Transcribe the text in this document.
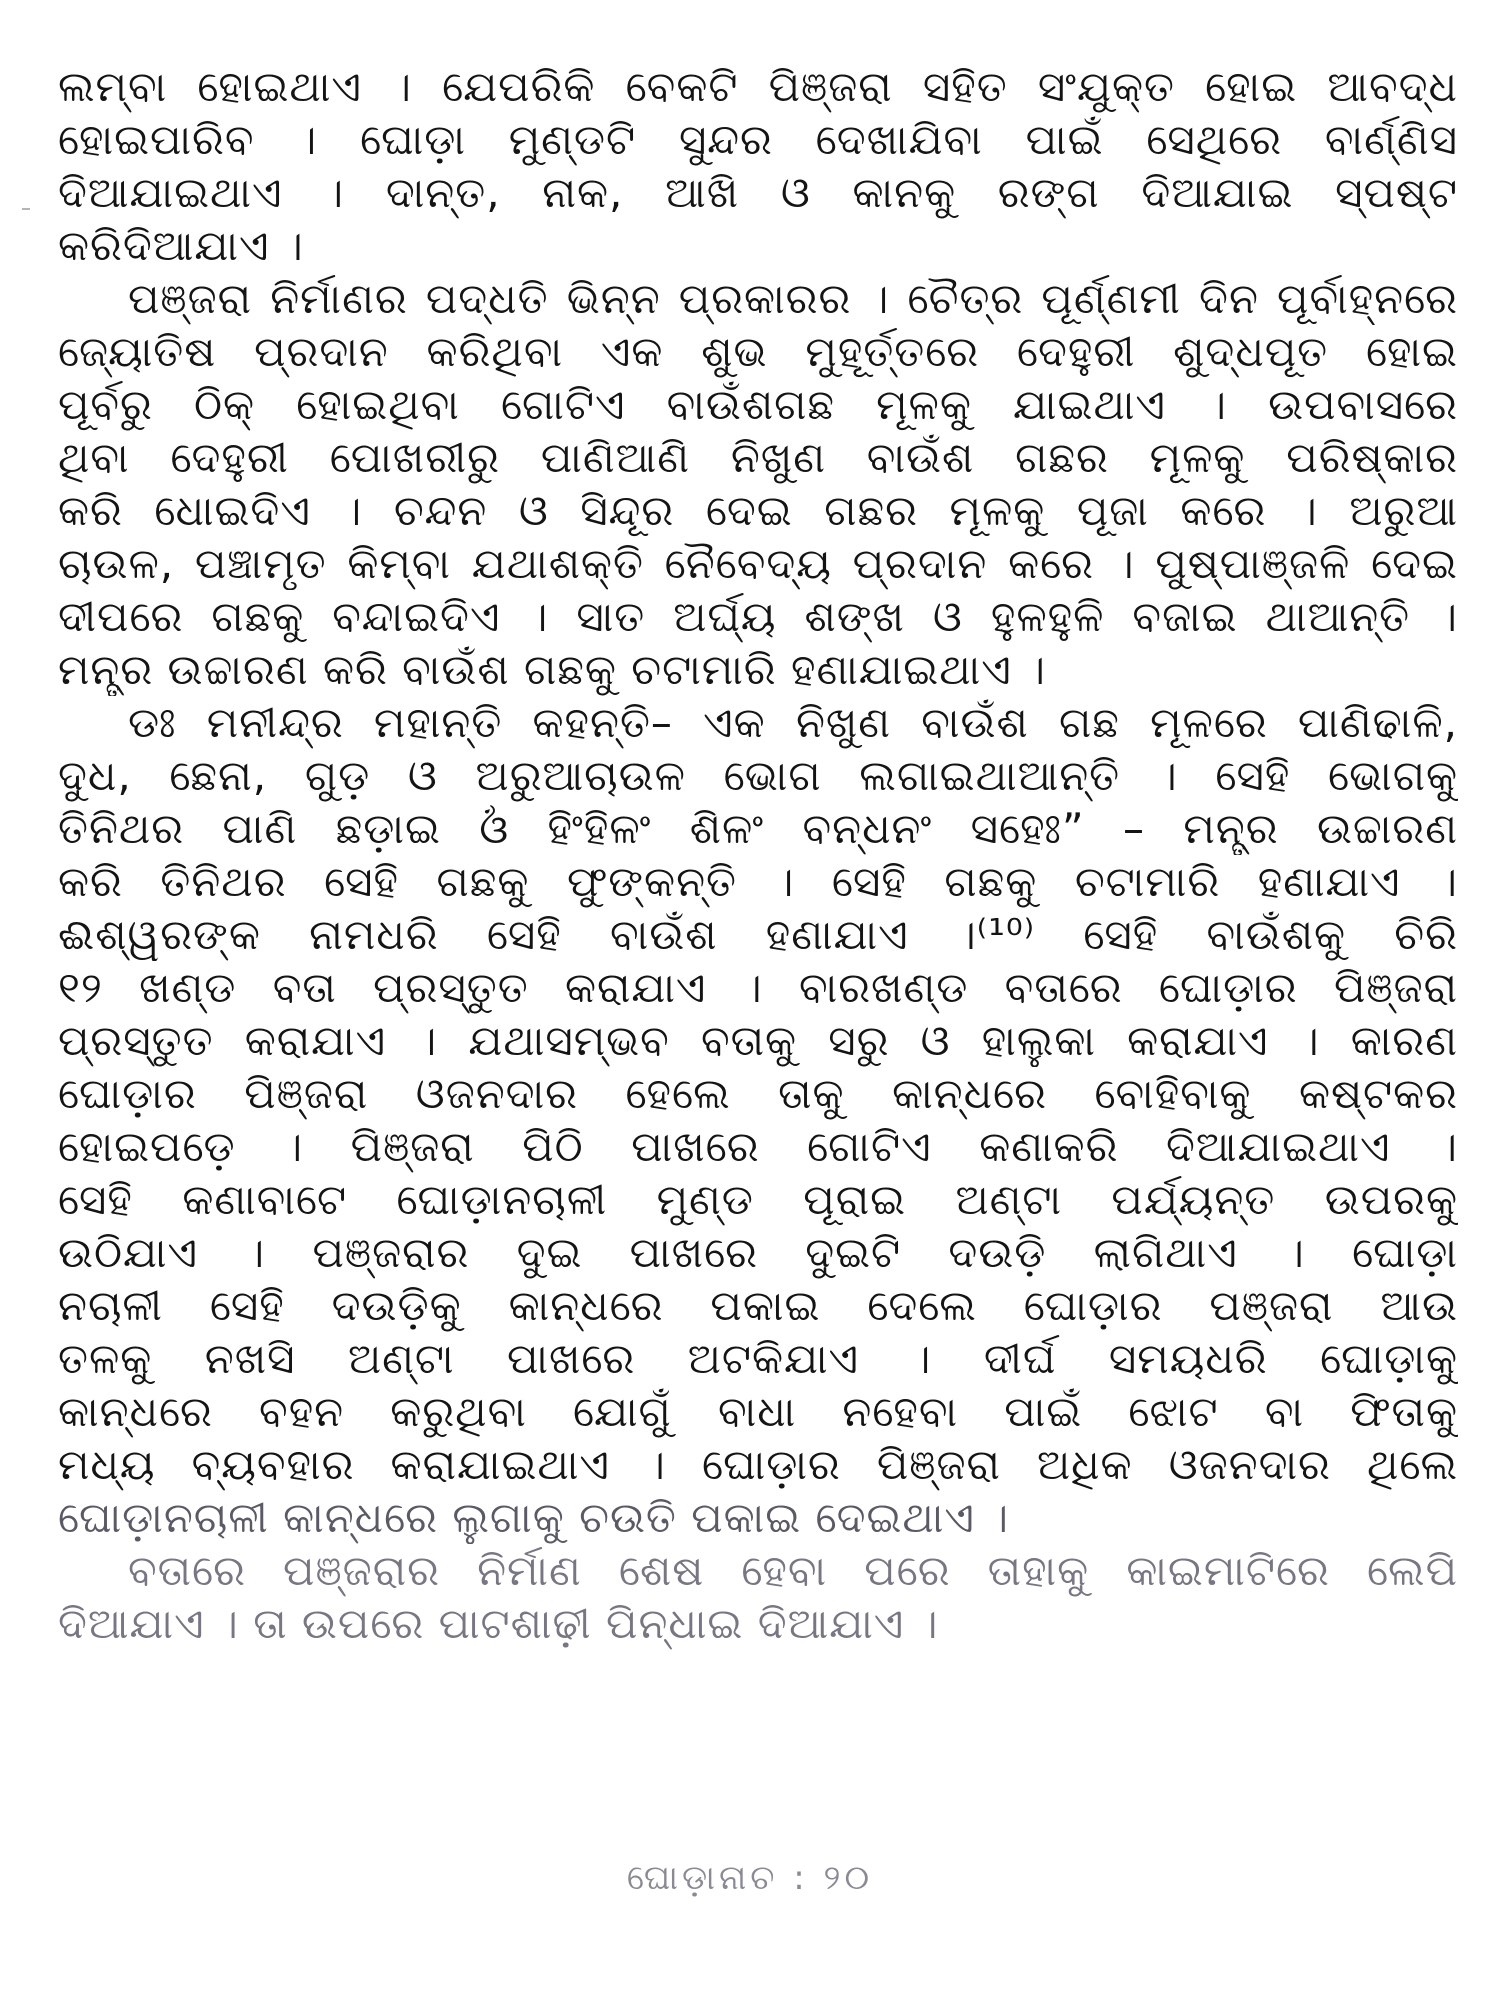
ଲମ୍ବା ହୋଇଥାଏ । ଯେପରିକି ବେକଟି ପିଞ୍ଜରା ସହିତ ସଂଯୁକ୍ତ ହୋଇ ଆବଦ୍ଧ
ହୋଇପାରିବ । ଘୋଡ଼ା ମୁଣ୍ଡଟି ସୁନ୍ଦର ଦେଖାଯିବା ପାଇଁ ସେଥିରେ ବାର୍ଣ୍ଣିସ
ଦିଆଯାଇଥାଏ । ଦାନ୍ତ, ନାକ, ଆଖି ଓ କାନକୁ ରଙ୍ଗ ଦିଆଯାଇ ସ୍ପଷ୍ଟ
କରିଦିଆଯାଏ ।
ପଞ୍ଜରା ନିର୍ମାଣର ପଦ୍ଧତି ଭିନ୍ନ ପ୍ରକାରର । ଚୈତ୍ର ପୂର୍ଣ୍ଣମୀ ଦିନ ପୂର୍ବାହ୍ନରେ
ଜ୍ୟୋତିଷ ପ୍ରଦାନ କରିଥିବା ଏକ ଶୁଭ ମୁହୂର୍ତ୍ତରେ ଦେହୁରୀ ଶୁଦ୍ଧପୂତ ହୋଇ
ପୂର୍ବରୁ ଠିକ୍ ହୋଇଥିବା ଗୋଟିଏ ବାଉଁଶଗଛ ମୂଳକୁ ଯାଇଥାଏ । ଉପବାସରେ
ଥିବା ଦେହୁରୀ ପୋଖରୀରୁ ପାଣିଆଣି ନିଖୁଣ ବାଉଁଶ ଗଛର ମୂଳକୁ ପରିଷ୍କାର
କରି ଧୋଇଦିଏ । ଚନ୍ଦନ ଓ ସିନ୍ଦୂର ଦେଇ ଗଛର ମୂଳକୁ ପୂଜା କରେ । ଅରୁଆ
ଚାଉଳ, ପଞ୍ଚାମୃତ କିମ୍ବା ଯଥାଶକ୍ତି ନୈବେଦ୍ୟ ପ୍ରଦାନ କରେ । ପୁଷ୍ପାଞ୍ଜଳି ଦେଇ
ଦୀପରେ ଗଛକୁ ବନ୍ଦାଇଦିଏ । ସାତ ଅର୍ଘ୍ୟ ଶଙ୍ଖ ଓ ହୁଳହୁଳି ବଜାଇ ଥାଆନ୍ତି ।
ମନ୍ତ୍ର ଉଚ୍ଚାରଣ କରି ବାଉଁଶ ଗଛକୁ ଚଟାମାରି ହଣାଯାଇଥାଏ ।
ଡଃ ମନୀନ୍ଦ୍ର ମହାନ୍ତି କହନ୍ତି– ଏକ ନିଖୁଣ ବାଉଁଶ ଗଛ ମୂଳରେ ପାଣିଢାଳି,
ଦୁଧ, ଛେନା, ଗୁଡ଼ ଓ ଅରୁଆଚାଉଳ ଭୋଗ ଲଗାଇଥାଆନ୍ତି । ସେହି ଭୋଗକୁ
ତିନିଥର ପାଣି ଛଡ଼ାଇ ଓଁ ହିଂହିଳଂ ଶିଳଂ ବନ୍ଧନଂ ସହେଃ” – ମନ୍ତ୍ର ଉଚ୍ଚାରଣ
କରି ତିନିଥର ସେହି ଗଛକୁ ଫୁଙ୍କନ୍ତି । ସେହି ଗଛକୁ ଚଟାମାରି ହଣାଯାଏ ।
ଈଶ୍ୱରଙ୍କ ନାମଧରି ସେହି ବାଉଁଶ ହଣାଯାଏ ।⁽¹⁰⁾ ସେହି ବାଉଁଶକୁ ଚିରି
୧୨ ଖଣ୍ଡ ବତା ପ୍ରସ୍ତୁତ କରାଯାଏ । ବାରଖଣ୍ଡ ବତାରେ ଘୋଡ଼ାର ପିଞ୍ଜରା
ପ୍ରସ୍ତୁତ କରାଯାଏ । ଯଥାସମ୍ଭବ ବତାକୁ ସରୁ ଓ ହାଲୁକା କରାଯାଏ । କାରଣ
ଘୋଡ଼ାର ପିଞ୍ଜରା ଓଜନଦାର ହେଲେ ତାକୁ କାନ୍ଧରେ ବୋହିବାକୁ କଷ୍ଟକର
ହୋଇପଡ଼େ । ପିଞ୍ଜରା ପିଠି ପାଖରେ ଗୋଟିଏ କଣାକରି ଦିଆଯାଇଥାଏ ।
ସେହି କଣାବାଟେ ଘୋଡ଼ାନଚାଳୀ ମୁଣ୍ଡ ପୂରାଇ ଅଣ୍ଟା ପର୍ଯ୍ୟନ୍ତ ଉପରକୁ
ଉଠିଯାଏ । ପଞ୍ଜରାର ଦୁଇ ପାଖରେ ଦୁଇଟି ଦଉଡ଼ି ଲାଗିଥାଏ । ଘୋଡ଼ା
ନଚାଳୀ ସେହି ଦଉଡ଼ିକୁ କାନ୍ଧରେ ପକାଇ ଦେଲେ ଘୋଡ଼ାର ପଞ୍ଜରା ଆଉ
ତଳକୁ ନଖସି ଅଣ୍ଟା ପାଖରେ ଅଟକିଯାଏ । ଦୀର୍ଘ ସମୟଧରି ଘୋଡ଼ାକୁ
କାନ୍ଧରେ ବହନ କରୁଥିବା ଯୋଗୁଁ ବାଧା ନହେବା ପାଇଁ ଝୋଟ ବା ଫିତାକୁ
ମଧ୍ୟ ବ୍ୟବହାର କରାଯାଇଥାଏ । ଘୋଡ଼ାର ପିଞ୍ଜରା ଅଧିକ ଓଜନଦାର ଥିଲେ
ଘୋଡ଼ାନଚାଳୀ କାନ୍ଧରେ ଲୁଗାକୁ ଚଉତି ପକାଇ ଦେଇଥାଏ ।
ବତାରେ ପଞ୍ଜରାର ନିର୍ମାଣ ଶେଷ ହେବା ପରେ ତାହାକୁ କାଇମାଟିରେ ଲେପି
ଦିଆଯାଏ । ତା ଉପରେ ପାଟଶାଢ଼ୀ ପିନ୍ଧାଇ ଦିଆଯାଏ ।
ଘୋଡ଼ାନାଚ : ୨୦
